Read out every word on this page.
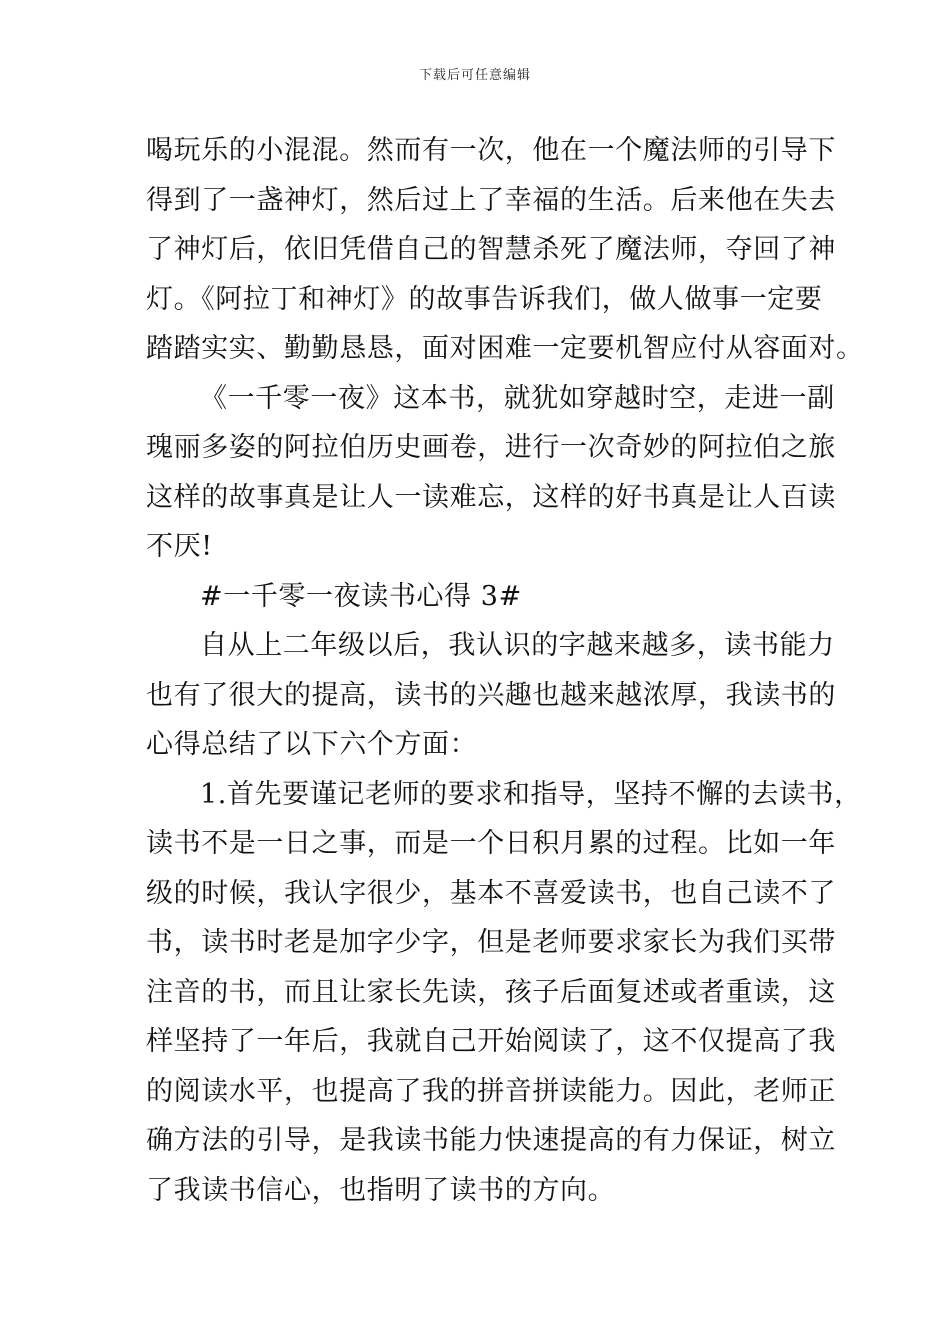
下载后可任意编辑
喝玩乐的小混混。然而有一次，他在一个魔法师的引导下
得到了一盏神灯，然后过上了幸福的生活。后来他在失去
了神灯后，依旧凭借自己的智慧杀死了魔法师，夺回了神
灯。《阿拉丁和神灯》的故事告诉我们，做人做事一定要
踏踏实实、勤勤恳恳，面对困难一定要机智应付从容面对。
《一千零一夜》这本书，就犹如穿越时空，走进一副
瑰丽多姿的阿拉伯历史画卷，进行一次奇妙的阿拉伯之旅
这样的故事真是让人一读难忘，这样的好书真是让人百读
不厌!
#一千零一夜读书心得 3#
自从上二年级以后，我认识的字越来越多，读书能力
也有了很大的提高，读书的兴趣也越来越浓厚，我读书的
心得总结了以下六个方面：
1.首先要谨记老师的要求和指导，坚持不懈的去读书，
读书不是一日之事，而是一个日积月累的过程。比如一年
级的时候，我认字很少，基本不喜爱读书，也自己读不了
书，读书时老是加字少字，但是老师要求家长为我们买带
注音的书，而且让家长先读，孩子后面复述或者重读，这
样坚持了一年后，我就自己开始阅读了，这不仅提高了我
的阅读水平，也提高了我的拼音拼读能力。因此，老师正
确方法的引导，是我读书能力快速提高的有力保证，树立
了我读书信心，也指明了读书的方向。
